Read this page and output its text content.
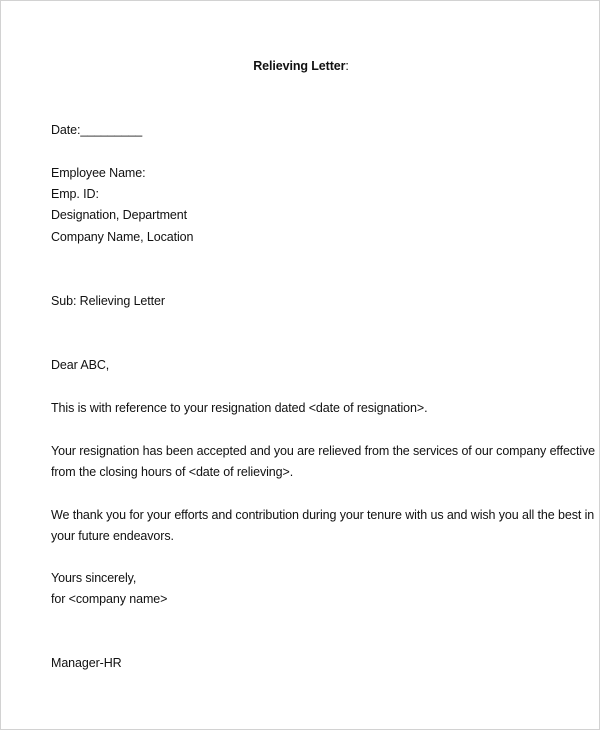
Relieving Letter:
Date:_________
Employee Name:
Emp. ID:
Designation, Department
Company Name, Location
Sub: Relieving Letter
Dear ABC,
This is with reference to your resignation dated <date of resignation>.
Your resignation has been accepted and you are relieved from the services of our company effective
from the closing hours of <date of relieving>.
We thank you for your efforts and contribution during your tenure with us and wish you all the best in
your future endeavors.
Yours sincerely,
for <company name>
Manager-HR
